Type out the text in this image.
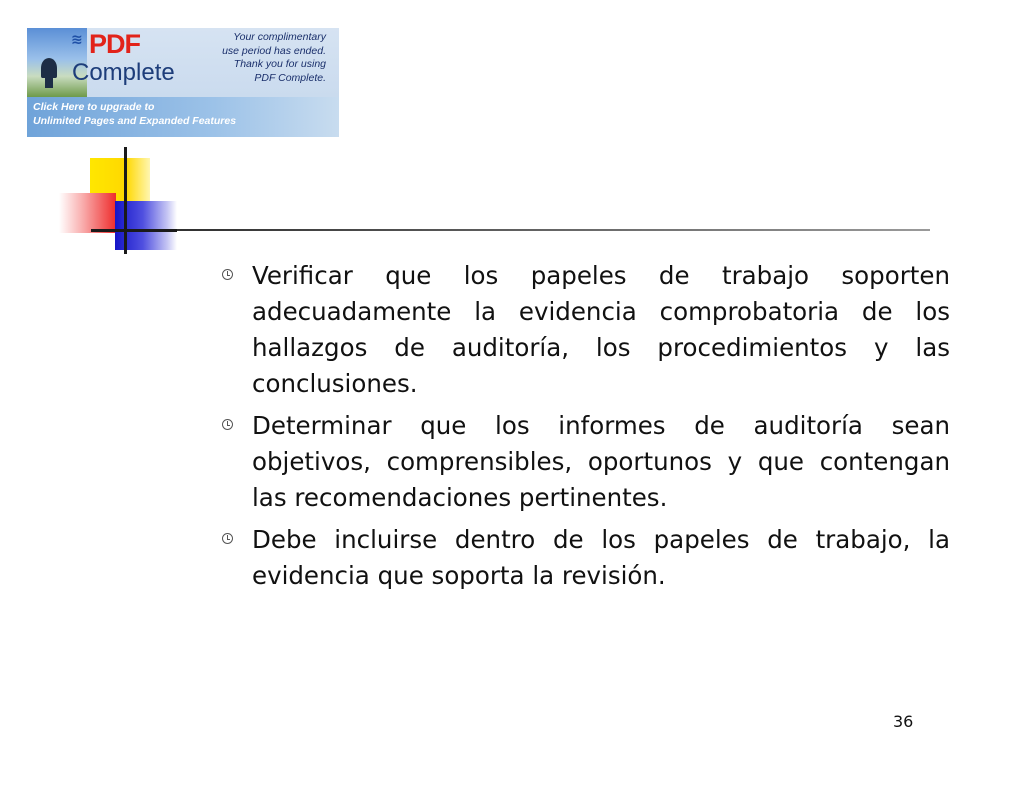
≋ PDF
Complete
Your complimentary
use period has ended.
Thank you for using
PDF Complete.
Click Here to upgrade to
Unlimited Pages and Expanded Features
Verificar que los papeles de trabajo soporten adecuadamente la evidencia comprobatoria de los hallazgos de auditoría, los procedimientos y las conclusiones.
Determinar que los informes de auditoría sean objetivos, comprensibles, oportunos y que contengan las recomendaciones pertinentes.
Debe incluirse dentro de los papeles de trabajo, la evidencia que soporta la revisión.
36
